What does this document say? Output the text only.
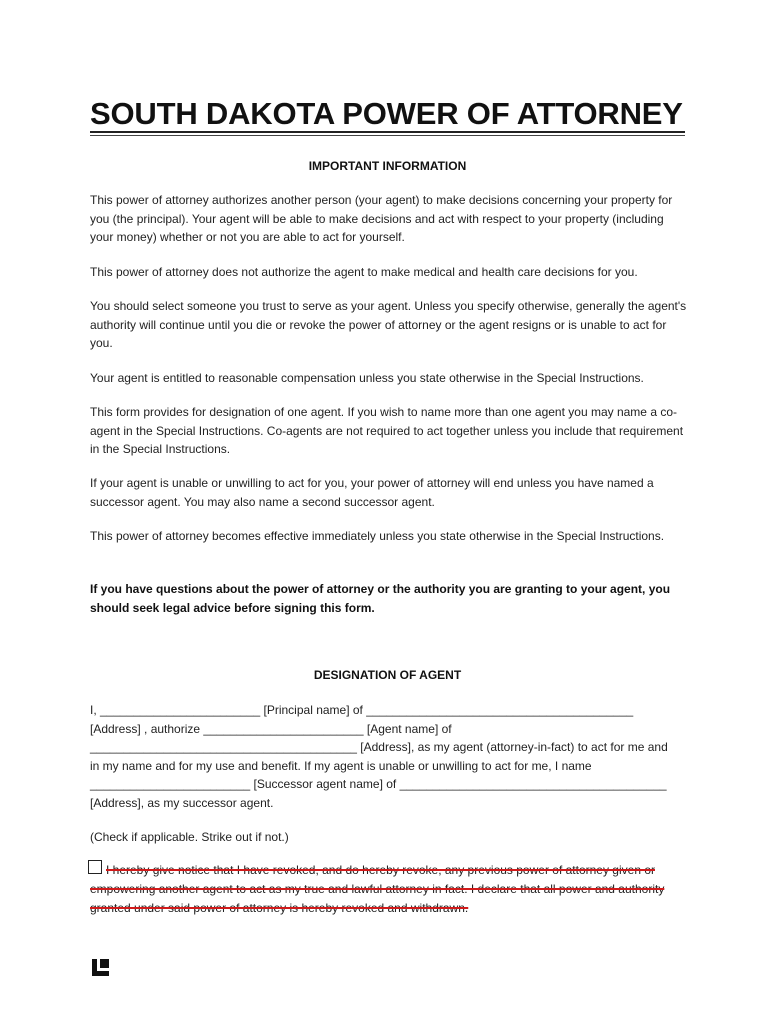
SOUTH DAKOTA POWER OF ATTORNEY
IMPORTANT INFORMATION

This power of attorney authorizes another person (your agent) to make decisions concerning your property for you (the principal). Your agent will be able to make decisions and act with respect to your property (including your money) whether or not you are able to act for yourself.

This power of attorney does not authorize the agent to make medical and health care decisions for you.

You should select someone you trust to serve as your agent. Unless you specify otherwise, generally the agent's authority will continue until you die or revoke the power of attorney or the agent resigns or is unable to act for you.

Your agent is entitled to reasonable compensation unless you state otherwise in the Special Instructions.

This form provides for designation of one agent. If you wish to name more than one agent you may name a co-agent in the Special Instructions. Co-agents are not required to act together unless you include that requirement in the Special Instructions.

If your agent is unable or unwilling to act for you, your power of attorney will end unless you have named a successor agent. You may also name a second successor agent.

This power of attorney becomes effective immediately unless you state otherwise in the Special Instructions.

If you have questions about the power of attorney or the authority you are granting to your agent, you should seek legal advice before signing this form.

DESIGNATION OF AGENT

I, ________________________ [Principal name] of ________________________________________ [Address] , authorize ________________________ [Agent name] of ________________________________________ [Address], as my agent (attorney-in-fact) to act for me and in my name and for my use and benefit. If my agent is unable or unwilling to act for me, I name ________________________ [Successor agent name] of ________________________________________ [Address], as my successor agent.

(Check if applicable. Strike out if not.)

I hereby give notice that I have revoked, and do hereby revoke, any previous power of attorney given or empowering another agent to act as my true and lawful attorney in fact. I declare that all power and authority granted under said power of attorney is hereby revoked and withdrawn.
